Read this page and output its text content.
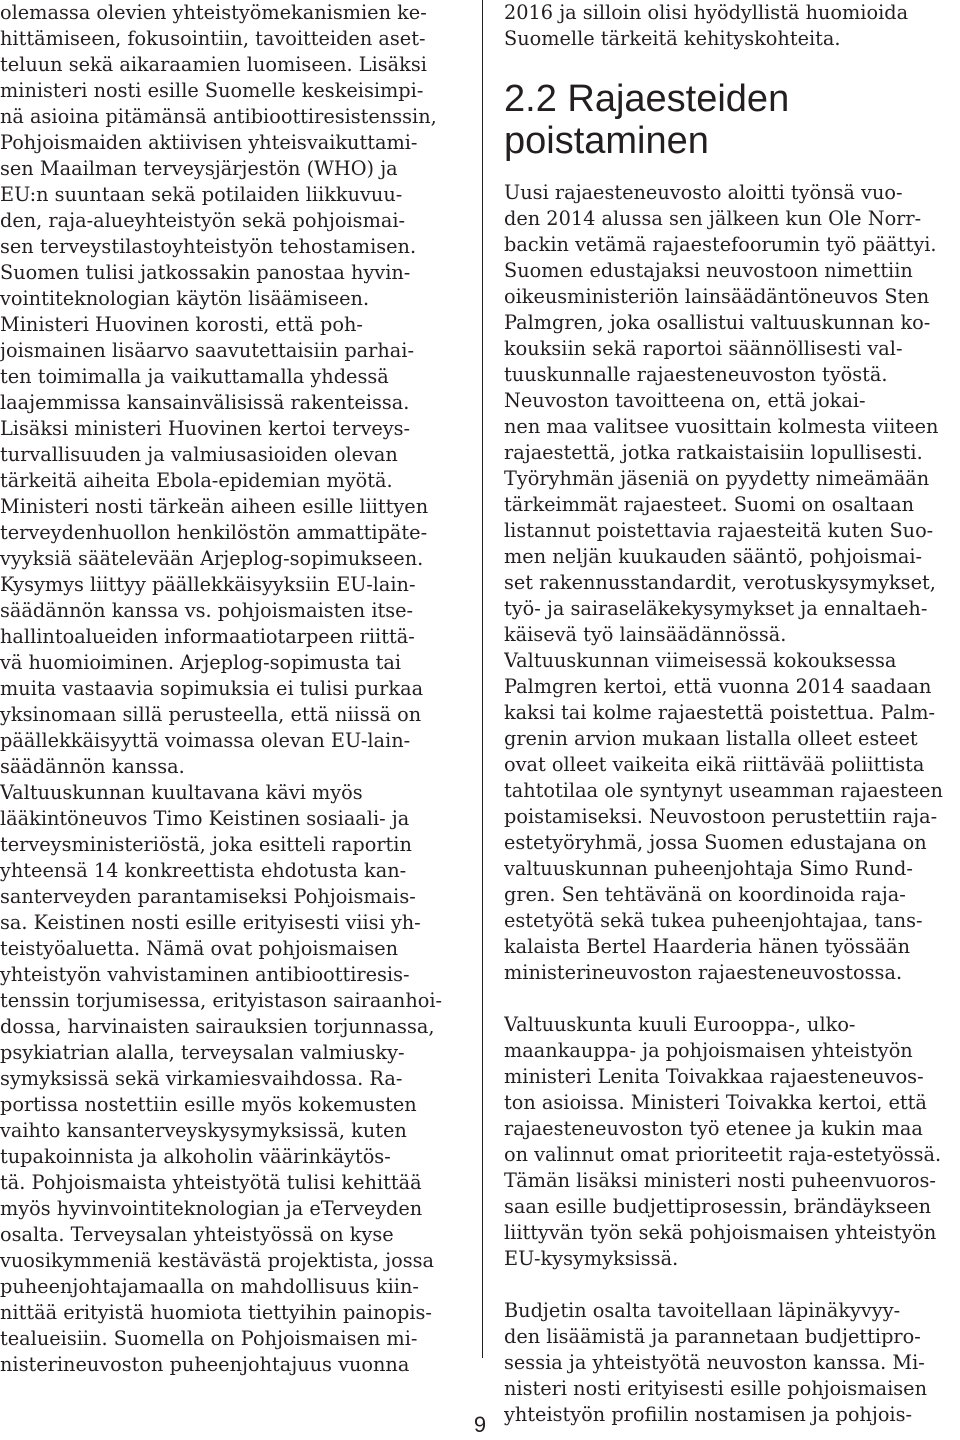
olemassa olevien yhteistyömekanismien ke-
hittämiseen, fokusointiin, tavoitteiden aset-
teluun sekä aikaraamien luomiseen. Lisäksi
ministeri nosti esille Suomelle keskeisimpi-
nä asioina pitämänsä antibioottiresistenssin,
Pohjoismaiden aktiivisen yhteisvaikuttami-
sen Maailman terveysjärjestön (WHO) ja
EU:n suuntaan sekä potilaiden liikkuvuu-
den, raja-alueyhteistyön sekä pohjoismai-
sen terveystilastoyhteistyön tehostamisen.
Suomen tulisi jatkossakin panostaa hyvin-
vointiteknologian käytön lisäämiseen.
Ministeri Huovinen korosti, että poh-
joismainen lisäarvo saavutettaisiin parhai-
ten toimimalla ja vaikuttamalla yhdessä
laajemmissa kansainvälisissä rakenteissa.
Lisäksi ministeri Huovinen kertoi terveys-
turvallisuuden ja valmiusasioiden olevan
tärkeitä aiheita Ebola-epidemian myötä.
Ministeri nosti tärkeän aiheen esille liittyen
terveydenhuollon henkilöstön ammattipäte-
vyyksiä säätelevään Arjeplog-sopimukseen.
Kysymys liittyy päällekkäisyyksiin EU-lain-
säädännön kanssa vs. pohjoismaisten itse-
hallintoalueiden informaatiotarpeen riittä-
vä huomioiminen. Arjeplog-sopimusta tai
muita vastaavia sopimuksia ei tulisi purkaa
yksinomaan sillä perusteella, että niissä on
päällekkäisyyttä voimassa olevan EU-lain-
säädännön kanssa.
Valtuuskunnan kuultavana kävi myös
lääkintöneuvos Timo Keistinen sosiaali- ja
terveysministeriöstä, joka esitteli raportin
yhteensä 14 konkreettista ehdotusta kan-
santerveyden parantamiseksi Pohjoismais-
sa. Keistinen nosti esille erityisesti viisi yh-
teistyöaluetta. Nämä ovat pohjoismaisen
yhteistyön vahvistaminen antibioottiresis-
tenssin torjumisessa, erityistason sairaanhoi-
dossa, harvinaisten sairauksien torjunnassa,
psykiatrian alalla, terveysalan valmiusky-
symyksissä sekä virkamiesvaihdossa. Ra-
portissa nostettiin esille myös kokemusten
vaihto kansanterveyskysymyksissä, kuten
tupakoinnista ja alkoholin väärinkäytös-
tä. Pohjoismaista yhteistyötä tulisi kehittää
myös hyvinvointiteknologian ja eTerveyden
osalta. Terveysalan yhteistyössä on kyse
vuosikymmeniä kestävästä projektista, jossa
puheenjohtajamaalla on mahdollisuus kiin-
nittää erityistä huomiota tiettyihin painopis-
tealueisiin. Suomella on Pohjoismaisen mi-
nisterineuvoston puheenjohtajuus vuonna
2016 ja silloin olisi hyödyllistä huomioida
Suomelle tärkeitä kehityskohteita.
2.2 Rajaesteiden
poistaminen
Uusi rajaesteneuvosto aloitti työnsä vuo-
den 2014 alussa sen jälkeen kun Ole Norr-
backin vetämä rajaestefoorumin työ päättyi.
Suomen edustajaksi neuvostoon nimettiin
oikeusministeriön lainsäädäntöneuvos Sten
Palmgren, joka osallistui valtuuskunnan ko-
kouksiin sekä raportoi säännöllisesti val-
tuuskunnalle rajaesteneuvoston työstä.
Neuvoston tavoitteena on, että jokai-
nen maa valitsee vuosittain kolmesta viiteen
rajaestettä, jotka ratkaistaisiin lopullisesti.
Työryhmän jäseniä on pyydetty nimeämään
tärkeimmät rajaesteet. Suomi on osaltaan
listannut poistettavia rajaesteitä kuten Suo-
men neljän kuukauden sääntö, pohjoismai-
set rakennusstandardit, verotuskysymykset,
työ- ja sairaseläkekysymykset ja ennaltaeh-
käisevä työ lainsäädännössä.
Valtuuskunnan viimeisessä kokouksessa
Palmgren kertoi, että vuonna 2014 saadaan
kaksi tai kolme rajaestettä poistettua. Palm-
grenin arvion mukaan listalla olleet esteet
ovat olleet vaikeita eikä riittävää poliittista
tahtotilaa ole syntynyt useamman rajaesteen
poistamiseksi. Neuvostoon perustettiin raja-
estetyöryhmä, jossa Suomen edustajana on
valtuuskunnan puheenjohtaja Simo Rund-
gren. Sen tehtävänä on koordinoida raja-
estetyötä sekä tukea puheenjohtajaa, tans-
kalaista Bertel Haarderia hänen työssään
ministerineuvoston rajaesteneuvostossa.
Valtuuskunta kuuli Eurooppa-, ulko-
maankauppa- ja pohjoismaisen yhteistyön
ministeri Lenita Toivakkaa rajaesteneuvos-
ton asioissa. Ministeri Toivakka kertoi, että
rajaesteneuvoston työ etenee ja kukin maa
on valinnut omat prioriteetit raja-estetyössä.
Tämän lisäksi ministeri nosti puheenvuoros-
saan esille budjettiprosessin, brändäykseen
liittyvän työn sekä pohjoismaisen yhteistyön
EU-kysymyksissä.
Budjetin osalta tavoitellaan läpinäkyvyy-
den lisäämistä ja parannetaan budjettipro-
sessia ja yhteistyötä neuvoston kanssa. Mi-
nisteri nosti erityisesti esille pohjoismaisen
yhteistyön profiilin nostamisen ja pohjois-
9
